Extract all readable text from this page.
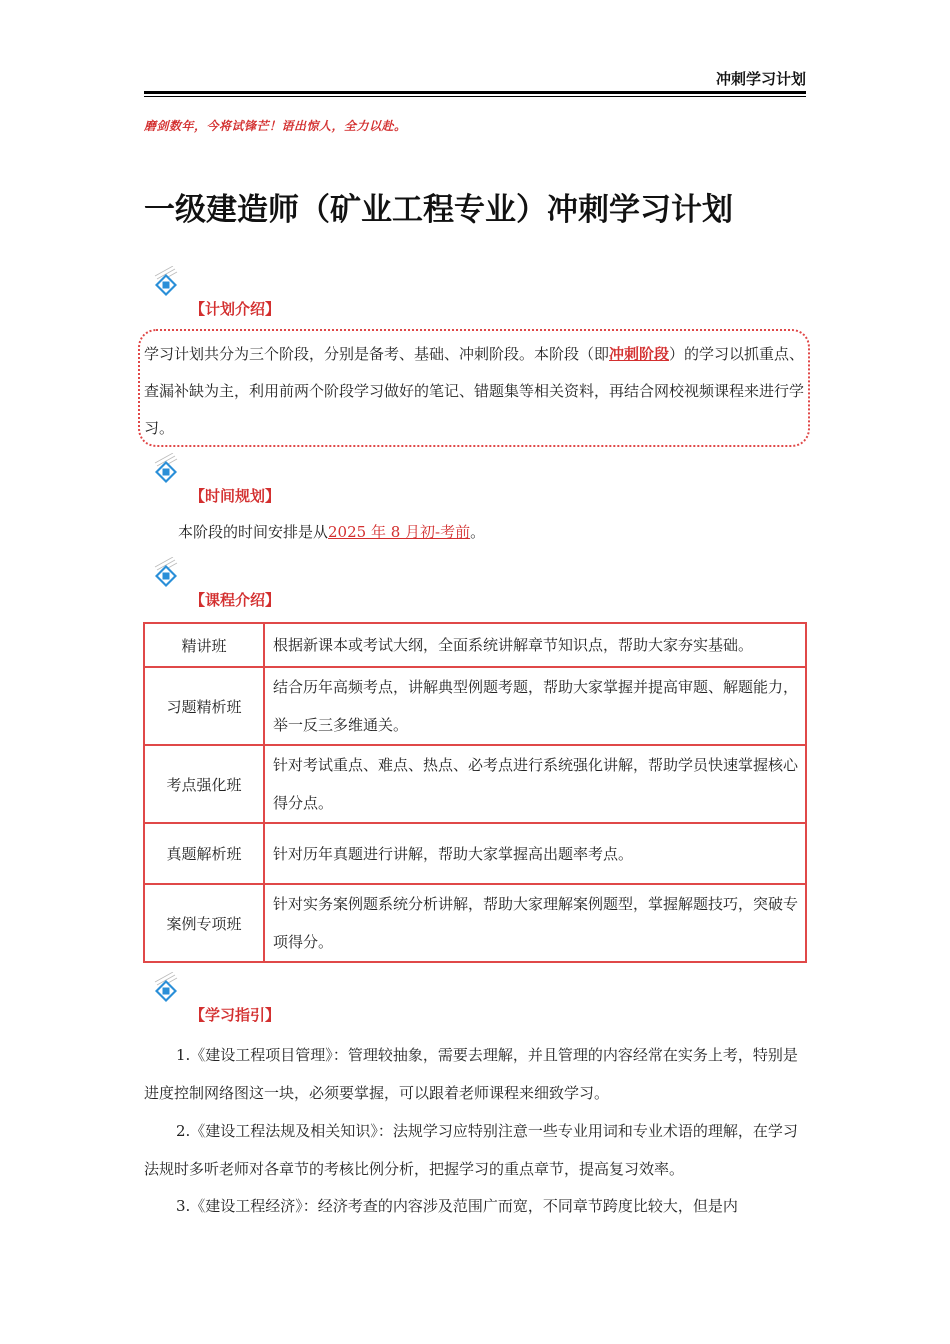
冲刺学习计划
磨剑数年，今将试锋芒！语出惊人，全力以赴。
一级建造师（矿业工程专业）冲刺学习计划
【计划介绍】
学习计划共分为三个阶段，分别是备考、基础、冲刺阶段。本阶段（即冲刺阶段）的学习以抓重点、查漏补缺为主，利用前两个阶段学习做好的笔记、错题集等相关资料，再结合网校视频课程来进行学习。
【时间规划】
本阶段的时间安排是从2025 年 8 月初-考前。
【课程介绍】
精讲班	根据新课本或考试大纲，全面系统讲解章节知识点，帮助大家夯实基础。
习题精析班	结合历年高频考点，讲解典型例题考题，帮助大家掌握并提高审题、解题能力，举一反三多维通关。
考点强化班	针对考试重点、难点、热点、必考点进行系统强化讲解，帮助学员快速掌握核心得分点。
真题解析班	针对历年真题进行讲解，帮助大家掌握高出题率考点。
案例专项班	针对实务案例题系统分析讲解，帮助大家理解案例题型，掌握解题技巧，突破专项得分。
【学习指引】
1.《建设工程项目管理》：管理较抽象，需要去理解，并且管理的内容经常在实务上考，特别是进度控制网络图这一块，必须要掌握，可以跟着老师课程来细致学习。
2.《建设工程法规及相关知识》：法规学习应特别注意一些专业用词和专业术语的理解，在学习法规时多听老师对各章节的考核比例分析，把握学习的重点章节，提高复习效率。
3.《建设工程经济》：经济考查的内容涉及范围广而宽，不同章节跨度比较大，但是内
